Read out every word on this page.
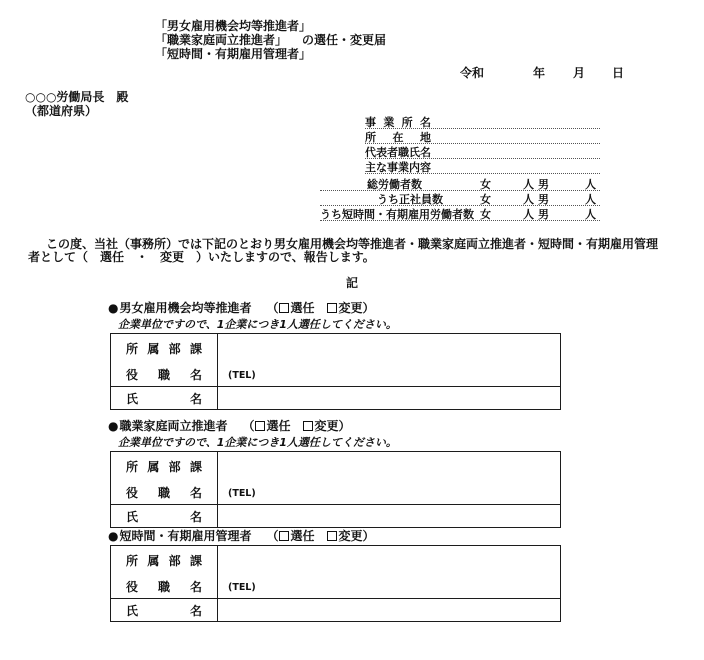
「男女雇用機会均等推進者」
「職業家庭両立推進者」 の選任・変更届
「短時間・有期雇用管理者」
令和	年 月 日
○○○労働局長　殿
（都道府県）
事業所名
所在地
代表者職氏名
主な事業内容
総労働者数	女	人 男	人
うち正社員数	女	人 男	人
うち短時間・有期雇用労働者数 女	人 男	人
この度、当社（事務所）では下記のとおり男女雇用機会均等推進者・職業家庭両立推進者・短時間・有期雇用管理者として（　選任　・　変更　）いたしますので、報告します。
記
● 男女雇用機会均等推進者 （ 選任 変更 ）
企業単位ですので、1企業につき1人選任してください。
所属部課
役職名	(TEL)
氏名
● 職業家庭両立推進者 （ 選任 変更 ）
企業単位ですので、1企業につき1人選任してください。
所属部課
役職名	(TEL)
氏名
● 短時間・有期雇用管理者 （ 選任 変更 ）
所属部課
役職名	(TEL)
氏名
